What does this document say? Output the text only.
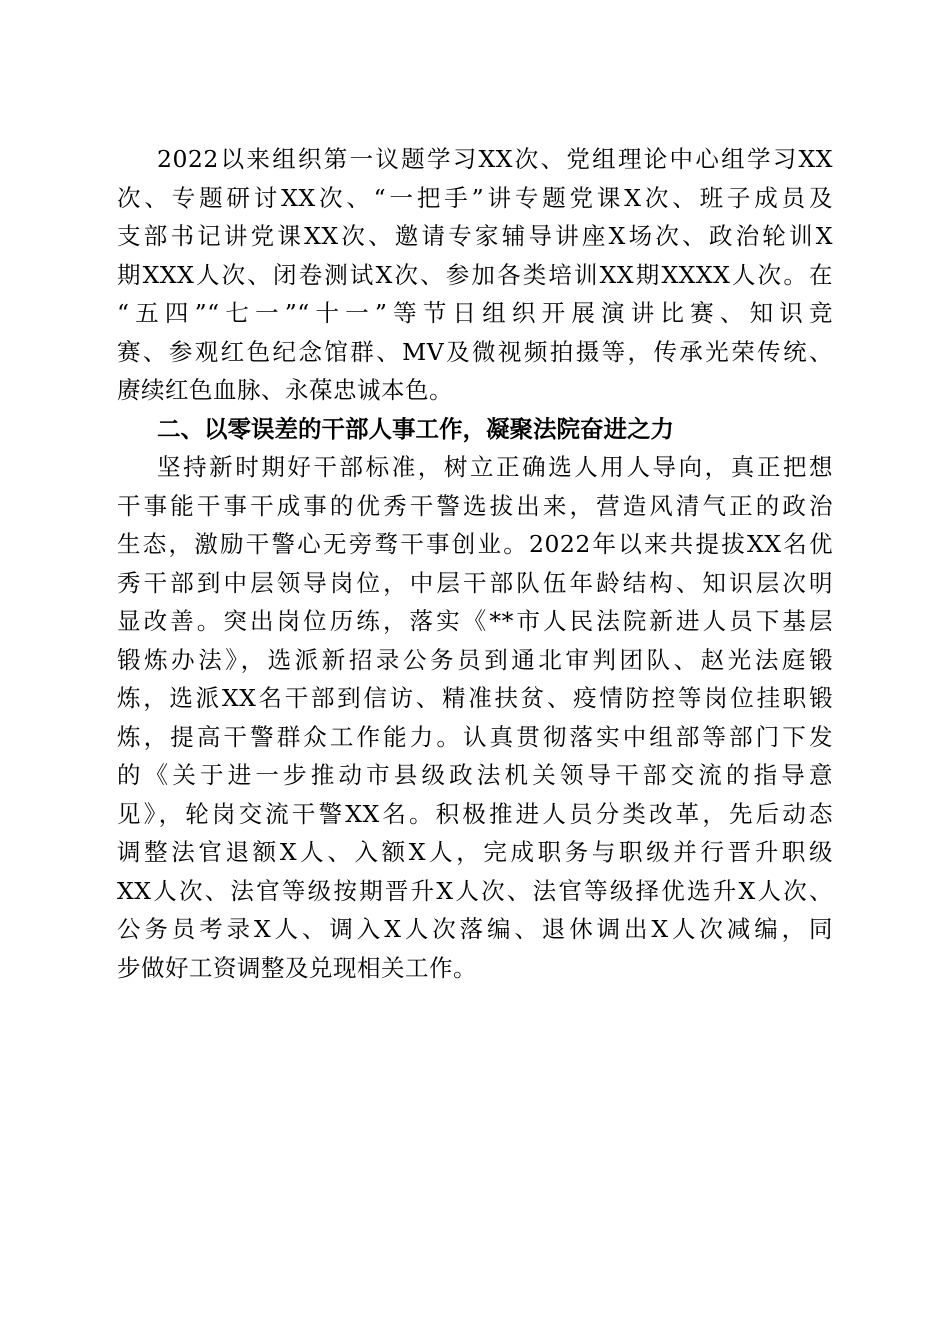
2022以来组织第一议题学习XX次、党组理论中心组学习XX
次、专题研讨XX次、“一把手”讲专题党课X次、班子成员及
支部书记讲党课XX次、邀请专家辅导讲座X场次、政治轮训X
期XXX人次、闭卷测试X次、参加各类培训XX期XXXX人次。在
“五四”“七一”“十一”等节日组织开展演讲比赛、知识竞
赛、参观红色纪念馆群、MV及微视频拍摄等，传承光荣传统、
赓续红色血脉、永葆忠诚本色。
二、以零误差的干部人事工作，凝聚法院奋进之力
坚持新时期好干部标准，树立正确选人用人导向，真正把想
干事能干事干成事的优秀干警选拔出来，营造风清气正的政治
生态，激励干警心无旁骛干事创业。2022年以来共提拔XX名优
秀干部到中层领导岗位，中层干部队伍年龄结构、知识层次明
显改善。突出岗位历练，落实《**市人民法院新进人员下基层
锻炼办法》，选派新招录公务员到通北审判团队、赵光法庭锻
炼，选派XX名干部到信访、精准扶贫、疫情防控等岗位挂职锻
炼，提高干警群众工作能力。认真贯彻落实中组部等部门下发
的《关于进一步推动市县级政法机关领导干部交流的指导意
见》，轮岗交流干警XX名。积极推进人员分类改革，先后动态
调整法官退额X人、入额X人，完成职务与职级并行晋升职级
XX人次、法官等级按期晋升X人次、法官等级择优选升X人次、
公务员考录X人、调入X人次落编、退休调出X人次减编，同
步做好工资调整及兑现相关工作。
